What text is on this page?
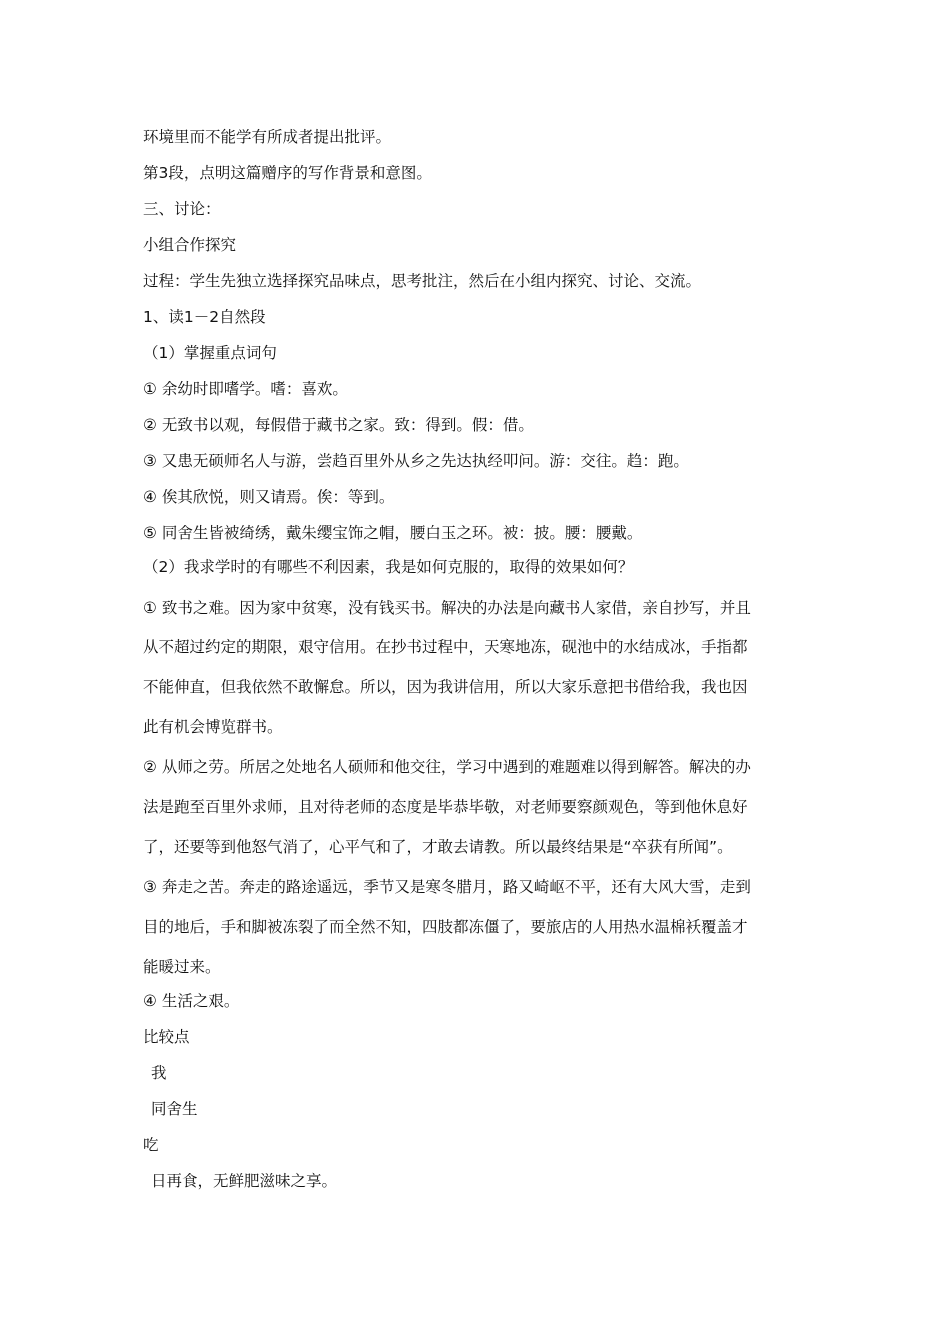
环境里而不能学有所成者提出批评。
第3段，点明这篇赠序的写作背景和意图。
三、讨论：
小组合作探究
过程：学生先独立选择探究品味点，思考批注，然后在小组内探究、讨论、交流。
1、读1－2自然段
（1）掌握重点词句
① 余幼时即嗜学。嗜：喜欢。
② 无致书以观，每假借于藏书之家。致：得到。假：借。
③ 又患无硕师名人与游，尝趋百里外从乡之先达执经叩问。游：交往。趋：跑。
④ 俟其欣悦，则又请焉。俟：等到。
⑤ 同舍生皆被绮绣，戴朱缨宝饰之帽，腰白玉之环。被：披。腰：腰戴。
（2）我求学时的有哪些不利因素，我是如何克服的，取得的效果如何？
① 致书之难。因为家中贫寒，没有钱买书。解决的办法是向藏书人家借，亲自抄写，并且
从不超过约定的期限，艰守信用。在抄书过程中，天寒地冻，砚池中的水结成冰，手指都
不能伸直，但我依然不敢懈怠。所以，因为我讲信用，所以大家乐意把书借给我，我也因
此有机会博览群书。
② 从师之劳。所居之处地名人硕师和他交往，学习中遇到的难题难以得到解答。解决的办
法是跑至百里外求师，且对待老师的态度是毕恭毕敬，对老师要察颜观色，等到他休息好
了，还要等到他怒气消了，心平气和了，才敢去请教。所以最终结果是“卒获有所闻”。
③ 奔走之苦。奔走的路途遥远，季节又是寒冬腊月，路又崎岖不平，还有大风大雪，走到
目的地后，手和脚被冻裂了而全然不知，四肢都冻僵了，要旅店的人用热水温棉袄覆盖才
能暖过来。
④ 生活之艰。
比较点
我
同舍生
吃
日再食，无鲜肥滋味之享。
